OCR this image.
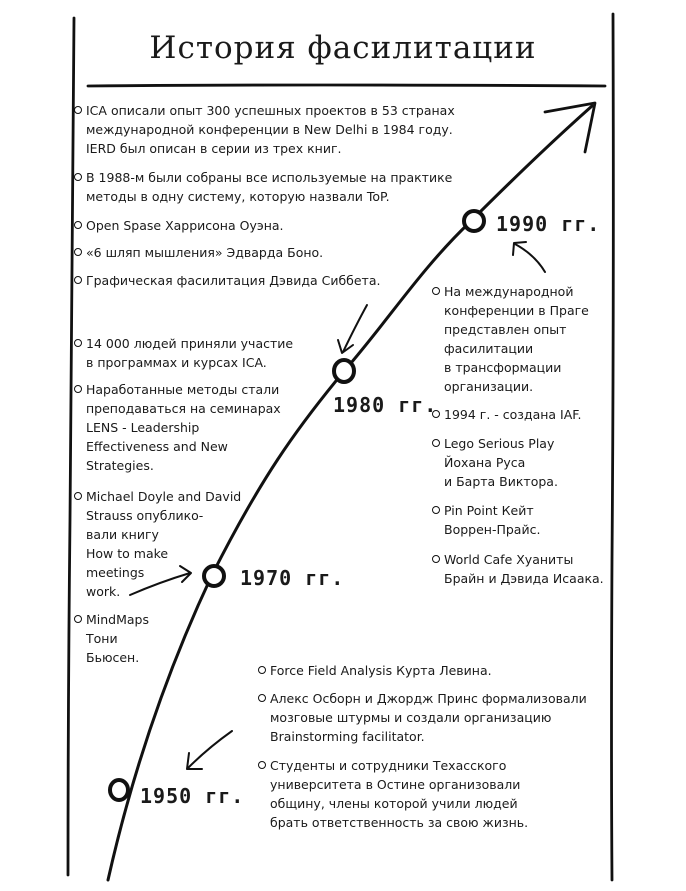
История фасилитации
1990 гг.
1980 гг.
1970 гг.
1950 гг.
ICA описали опыт 300 успешных проектов в 53 странах
международной конференции в New Delhi в 1984 году.
IERD был описан в серии из трех книг.
В 1988-м были собраны все используемые на практике
методы в одну систему, которую назвали ToP.
Open Spase Харрисона Оуэна.
«6 шляп мышления» Эдварда Боно.
Графическая фасилитация Дэвида Сиббета.
14 000 людей приняли участие
в программах и курсах ICA.
Наработанные методы стали
преподаваться на семинарах
LENS - Leadership
Effectiveness and New
Strategies.
Michael Doyle and David
Strauss опублико-
вали книгу
How to make
meetings
work.
MindMaps
Тони
Бьюсен.
На международной
конференции в Праге
представлен опыт
фасилитации
в трансформации
организации.
1994 г. - создана IAF.
Lego Serious Play
Йохана Руса
и Барта Виктора.
Pin Point Кейт
Воррен-Прайс.
World Cafe Хуаниты
Брайн и Дэвида Исаака.
Force Field Analysis Курта Левина.
Алекс Осборн и Джордж Принс формализовали
мозговые штурмы и создали организацию
Brainstorming facilitator.
Студенты и сотрудники Техасского
университета в Остине организовали
общину, члены которой учили людей
брать ответственность за свою жизнь.
